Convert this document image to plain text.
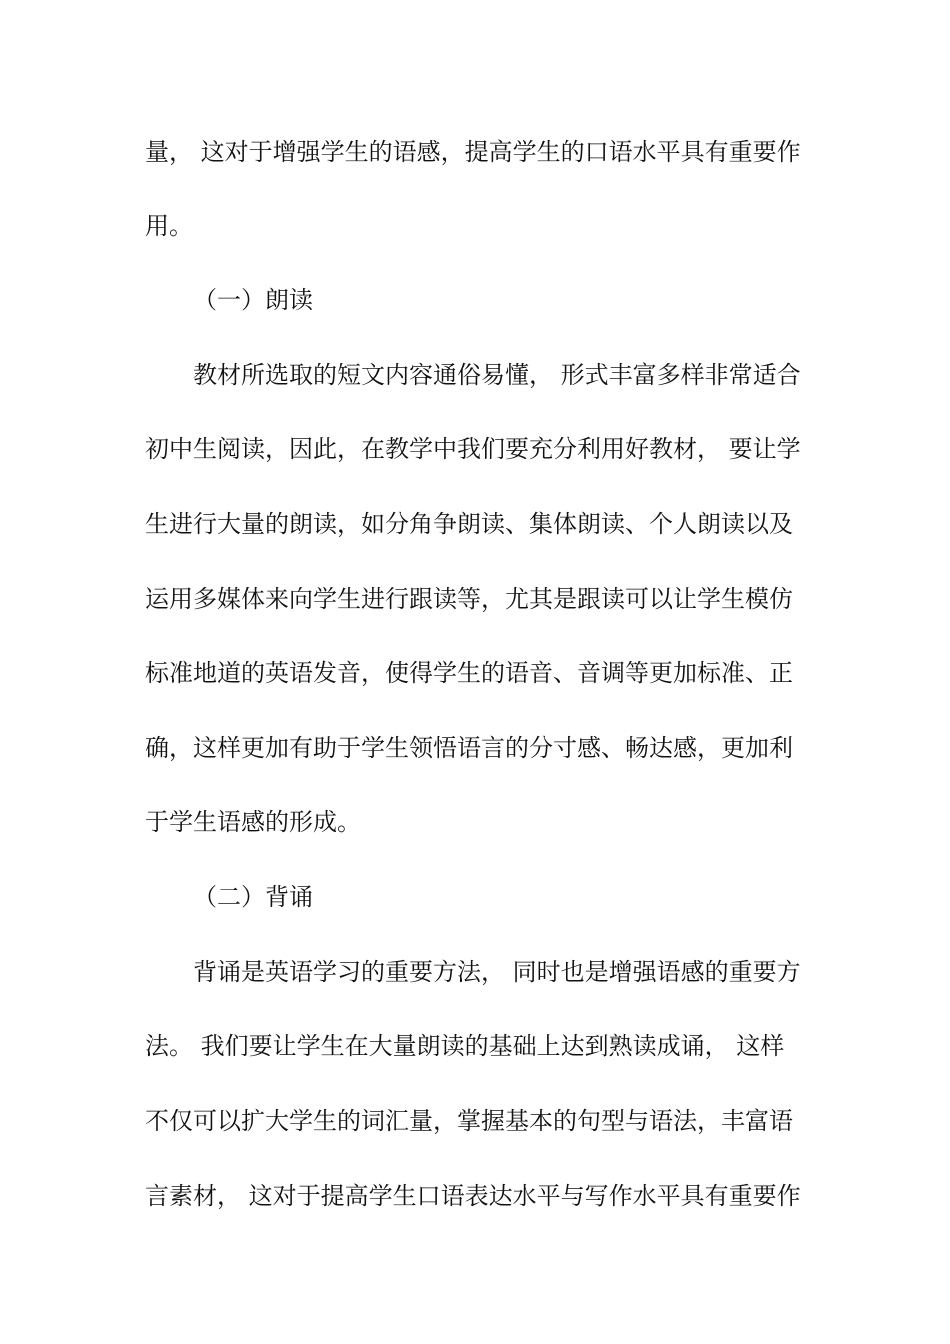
量， 这对于增强学生的语感，提高学生的口语水平具有重要作
用。
（一）朗读
教材所选取的短文内容通俗易懂， 形式丰富多样非常适合
初中生阅读，因此，在教学中我们要充分利用好教材， 要让学
生进行大量的朗读，如分角争朗读、集体朗读、个人朗读以及
运用多媒体来向学生进行跟读等，尤其是跟读可以让学生模仿
标准地道的英语发音，使得学生的语音、音调等更加标准、正
确，这样更加有助于学生领悟语言的分寸感、畅达感，更加利
于学生语感的形成。
（二）背诵
背诵是英语学习的重要方法， 同时也是增强语感的重要方
法。 我们要让学生在大量朗读的基础上达到熟读成诵， 这样
不仅可以扩大学生的词汇量，掌握基本的句型与语法，丰富语
言素材， 这对于提高学生口语表达水平与写作水平具有重要作
